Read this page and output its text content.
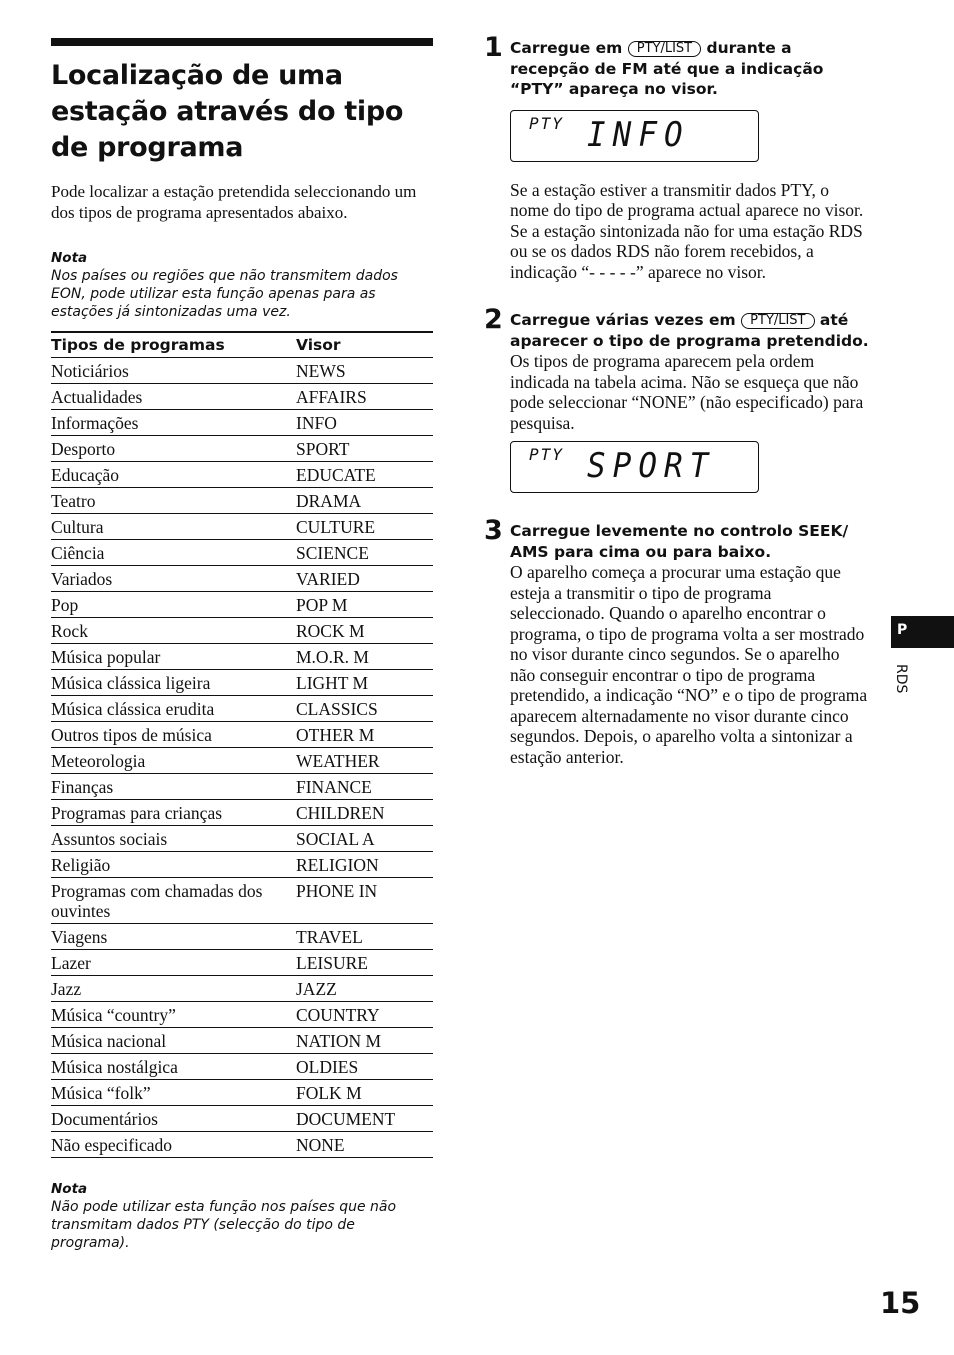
Localização de uma estação através do tipo de programa

Pode localizar a estação pretendida seleccionando um dos tipos de programa apresentados abaixo.

Nota
Nos países ou regiões que não transmitem dados EON, pode utilizar esta função apenas para as estações já sintonizadas uma vez.
Tipos de programas	Visor
Noticiários	NEWS
Actualidades	AFFAIRS
Informações	INFO
Desporto	SPORT
Educação	EDUCATE
Teatro	DRAMA
Cultura	CULTURE
Ciência	SCIENCE
Variados	VARIED
Pop	POP M
Rock	ROCK M
Música popular	M.O.R. M
Música clássica ligeira	LIGHT M
Música clássica erudita	CLASSICS
Outros tipos de música	OTHER M
Meteorologia	WEATHER
Finanças	FINANCE
Programas para crianças	CHILDREN
Assuntos sociais	SOCIAL A
Religião	RELIGION
Programas com chamadas dos ouvintes	PHONE IN
Viagens	TRAVEL
Lazer	LEISURE
Jazz	JAZZ
Música “country”	COUNTRY
Música nacional	NATION M
Música nostálgica	OLDIES
Música “folk”	FOLK M
Documentários	DOCUMENT
Não especificado	NONE
Nota
Não pode utilizar esta função nos países que não transmitam dados PTY (selecção do tipo de programa).
1 Carregue em PTY/LIST durante a recepção de FM até que a indicação “PTY” apareça no visor.
PTY INFO
Se a estação estiver a transmitir dados PTY, o nome do tipo de programa actual aparece no visor. Se a estação sintonizada não for uma estação RDS ou se os dados RDS não forem recebidos, a indicação “- - - - -” aparece no visor.
2 Carregue várias vezes em PTY/LIST até aparecer o tipo de programa pretendido.
Os tipos de programa aparecem pela ordem indicada na tabela acima. Não se esqueça que não pode seleccionar “NONE” (não especificado) para pesquisa.
PTY SPORT
3 Carregue levemente no controlo SEEK/ AMS para cima ou para baixo.
O aparelho começa a procurar uma estação que esteja a transmitir o tipo de programa seleccionado. Quando o aparelho encontrar o programa, o tipo de programa volta a ser mostrado no visor durante cinco segundos. Se o aparelho não conseguir encontrar o tipo de programa pretendido, a indicação “NO” e o tipo de programa aparecem alternadamente no visor durante cinco segundos. Depois, o aparelho volta a sintonizar a estação anterior.
P
RDS
15
